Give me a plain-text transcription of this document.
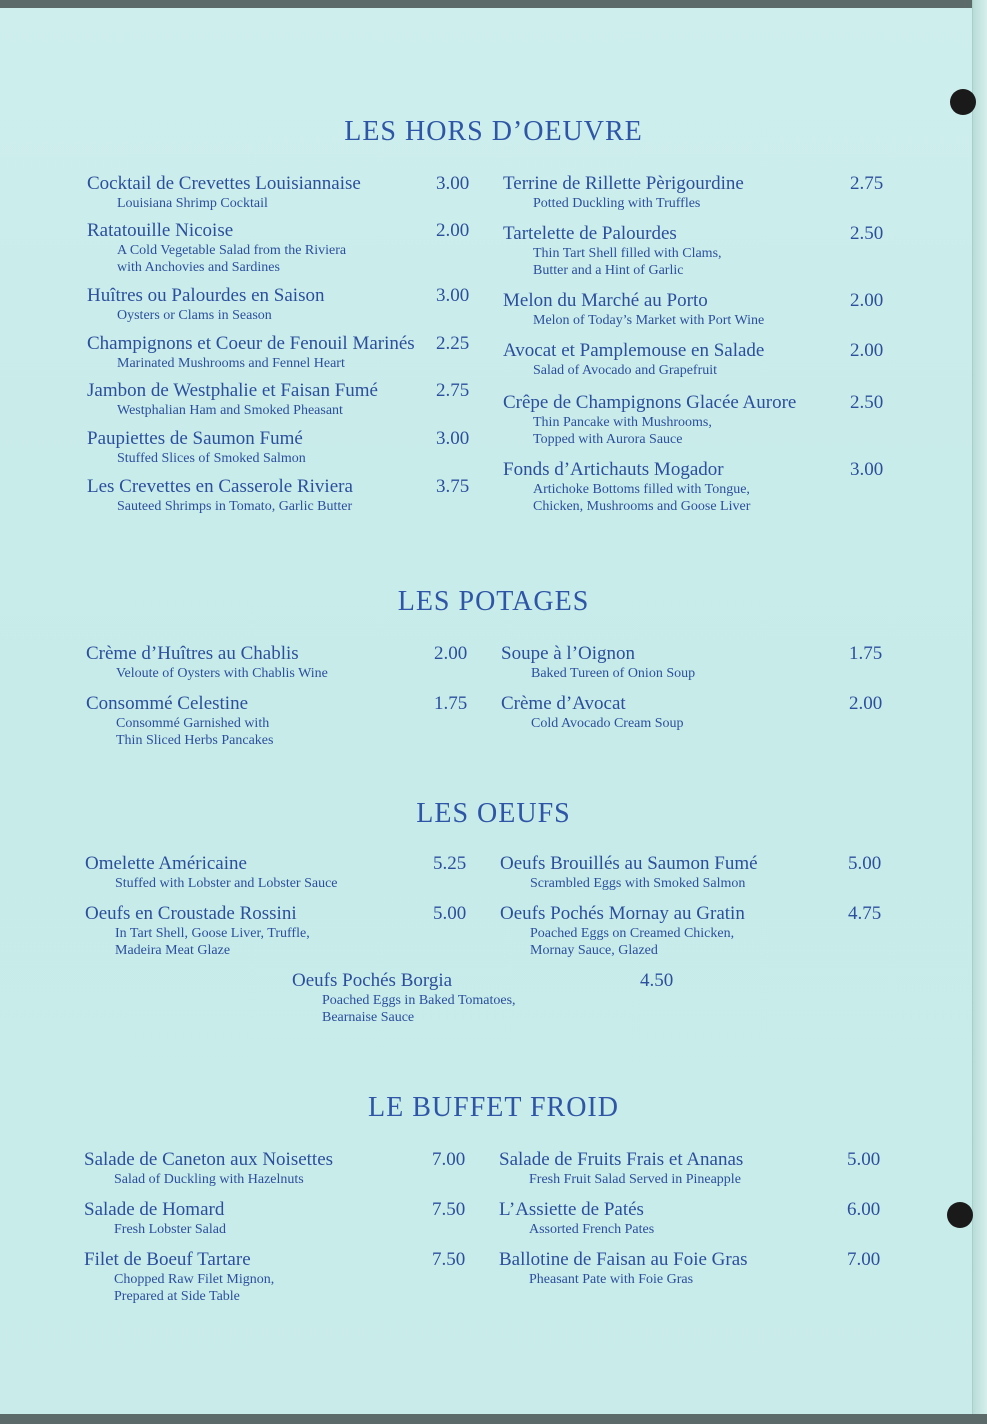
LES HORS D’OEUVRE
Cocktail de Crevettes Louisiannaise
Louisiana Shrimp Cocktail
3.00
Ratatouille Nicoise
A Cold Vegetable Salad from the Riviera
with Anchovies and Sardines
2.00
Huîtres ou Palourdes en Saison
Oysters or Clams in Season
3.00
Champignons et Coeur de Fenouil Marinés
Marinated Mushrooms and Fennel Heart
2.25
Jambon de Westphalie et Faisan Fumé
Westphalian Ham and Smoked Pheasant
2.75
Paupiettes de Saumon Fumé
Stuffed Slices of Smoked Salmon
3.00
Les Crevettes en Casserole Riviera
Sauteed Shrimps in Tomato, Garlic Butter
3.75
Terrine de Rillette Pèrigourdine
Potted Duckling with Truffles
2.75
Tartelette de Palourdes
Thin Tart Shell filled with Clams,
Butter and a Hint of Garlic
2.50
Melon du Marché au Porto
Melon of Today’s Market with Port Wine
2.00
Avocat et Pamplemouse en Salade
Salad of Avocado and Grapefruit
2.00
Crêpe de Champignons Glacée Aurore
Thin Pancake with Mushrooms,
Topped with Aurora Sauce
2.50
Fonds d’Artichauts Mogador
Artichoke Bottoms filled with Tongue,
Chicken, Mushrooms and Goose Liver
3.00
LES POTAGES
Crème d’Huîtres au Chablis
Veloute of Oysters with Chablis Wine
2.00
Consommé Celestine
Consommé Garnished with
Thin Sliced Herbs Pancakes
1.75
Soupe à l’Oignon
Baked Tureen of Onion Soup
1.75
Crème d’Avocat
Cold Avocado Cream Soup
2.00
LES OEUFS
Omelette Américaine
Stuffed with Lobster and Lobster Sauce
5.25
Oeufs en Croustade Rossini
In Tart Shell, Goose Liver, Truffle,
Madeira Meat Glaze
5.00
Oeufs Brouillés au Saumon Fumé
Scrambled Eggs with Smoked Salmon
5.00
Oeufs Pochés Mornay au Gratin
Poached Eggs on Creamed Chicken,
Mornay Sauce, Glazed
4.75
Oeufs Pochés Borgia
Poached Eggs in Baked Tomatoes,
Bearnaise Sauce
4.50
LE BUFFET FROID
Salade de Caneton aux Noisettes
Salad of Duckling with Hazelnuts
7.00
Salade de Homard
Fresh Lobster Salad
7.50
Filet de Boeuf Tartare
Chopped Raw Filet Mignon,
Prepared at Side Table
7.50
Salade de Fruits Frais et Ananas
Fresh Fruit Salad Served in Pineapple
5.00
L’Assiette de Patés
Assorted French Pates
6.00
Ballotine de Faisan au Foie Gras
Pheasant Pate with Foie Gras
7.00
